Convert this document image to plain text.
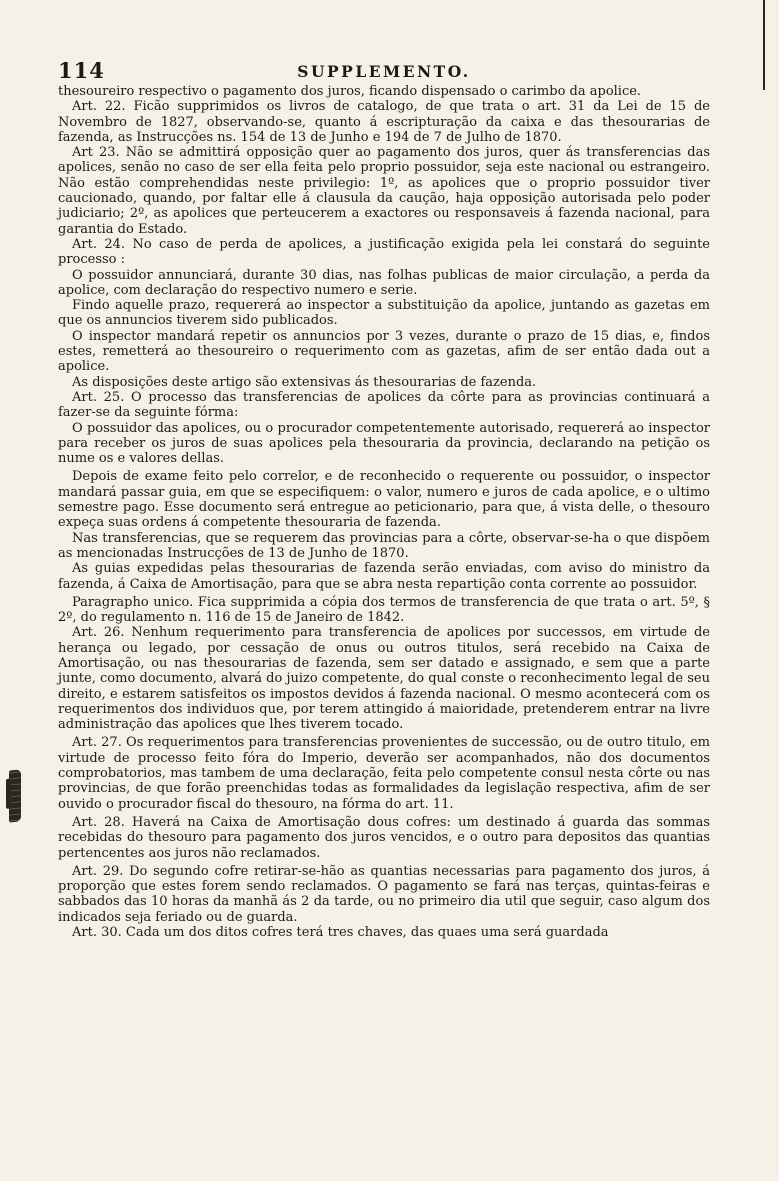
114	SUPPLEMENTO.

thesoureiro respectivo o pagamento dos juros, ficando dispensado o carimbo da apolice.

Art. 22. Ficão supprimidos os livros de catalogo, de que trata o art. 31 da Lei de 15 de Novembro de 1827, observando-se, quanto á escripturação da caixa e das thesourarias de fazenda, as Instrucções ns. 154 de 13 de Junho e 194 de 7 de Julho de 1870.

Art 23. Não se admittirá opposição quer ao pagamento dos juros, quer ás transferencias das apolices, senão no caso de ser ella feita pelo proprio possuidor, seja este nacional ou estrangeiro. Não estão comprehendidas neste privilegio: 1º, as apolices que o proprio possuidor tiver caucionado, quando, por faltar elle á clausula da caução, haja opposição autorisada pelo poder judiciario; 2º, as apolices que perteucerem a exactores ou responsaveis á fazenda nacional, para garantia do Estado.

Art. 24. No caso de perda de apolices, a justificação exigida pela lei constará do seguinte processo :

O possuidor annunciará, durante 30 dias, nas folhas publicas de maior circulação, a perda da apolice, com declaração do respectivo numero e serie.

Findo aquelle prazo, requererá ao inspector a substituição da apolice, juntando as gazetas em que os annuncios tiverem sido publicados.

O inspector mandará repetir os annuncios por 3 vezes, durante o prazo de 15 dias, e, findos estes, remetterá ao thesoureiro o requerimento com as gazetas, afim de ser então dada out a apolice.

As disposições deste artigo são extensivas ás thesourarias de fazenda.

Art. 25. O processo das transferencias de apolices da côrte para as provincias continuará a fazer-se da seguinte fórma:

O possuidor das apolices, ou o procurador competentemente autorisado, requererá ao inspector para receber os juros de suas apolices pela thesouraria da provincia, declarando na petição os nume os e valores dellas.

Depois de exame feito pelo correlor, e de reconhecido o requerente ou possuidor, o inspector mandará passar guia, em que se especifiquem: o valor, numero e juros de cada apolice, e o ultimo semestre pago. Esse documento será entregue ao peticionario, para que, á vista delle, o thesouro expeça suas ordens á competente thesouraria de fazenda.

Nas transferencias, que se requerem das provincias para a côrte, observar-se-ha o que dispõem as mencionadas Instrucções de 13 de Junho de 1870.

As guias expedidas pelas thesourarias de fazenda serão enviadas, com aviso do ministro da fazenda, á Caixa de Amortisação, para que se abra nesta repartição conta corrente ao possuidor.

Paragrapho unico. Fica supprimida a cópia dos termos de transferencia de que trata o art. 5º, § 2º, do regulamento n. 116 de 15 de Janeiro de 1842.

Art. 26. Nenhum requerimento para transferencia de apolices por successos, em virtude de herança ou legado, por cessação de onus ou outros titulos, será recebido na Caixa de Amortisação, ou nas thesourarias de fazenda, sem ser datado e assignado, e sem que a parte junte, como documento, alvará do juizo competente, do qual conste o reconhecimento legal de seu direito, e estarem satisfeitos os impostos devidos á fazenda nacional. O mesmo acontecerá com os requerimentos dos individuos que, por terem attingido á maioridade, pretenderem entrar na livre administração das apolices que lhes tiverem tocado.

Art. 27. Os requerimentos para transferencias provenientes de successão, ou de outro titulo, em virtude de processo feito fóra do Imperio, deverão ser acompanhados, não dos documentos comprobatorios, mas tambem de uma declaração, feita pelo competente consul nesta côrte ou nas provincias, de que forão preenchidas todas as formalidades da legislação respectiva, afim de ser ouvido o procurador fiscal do thesouro, na fórma do art. 11.

Art. 28. Haverá na Caixa de Amortisação dous cofres: um destinado á guarda das sommas recebidas do thesouro para pagamento dos juros vencidos, e o outro para depositos das quantias pertencentes aos juros não reclamados.

Art. 29. Do segundo cofre retirar-se-hão as quantias necessarias para pagamento dos juros, á proporção que estes forem sendo reclamados. O pagamento se fará nas terças, quintas-feiras e sabbados das 10 horas da manhã ás 2 da tarde, ou no primeiro dia util que seguir, caso algum dos indicados seja feriado ou de guarda.

Art. 30. Cada um dos ditos cofres terá tres chaves, das quaes uma será guardada
